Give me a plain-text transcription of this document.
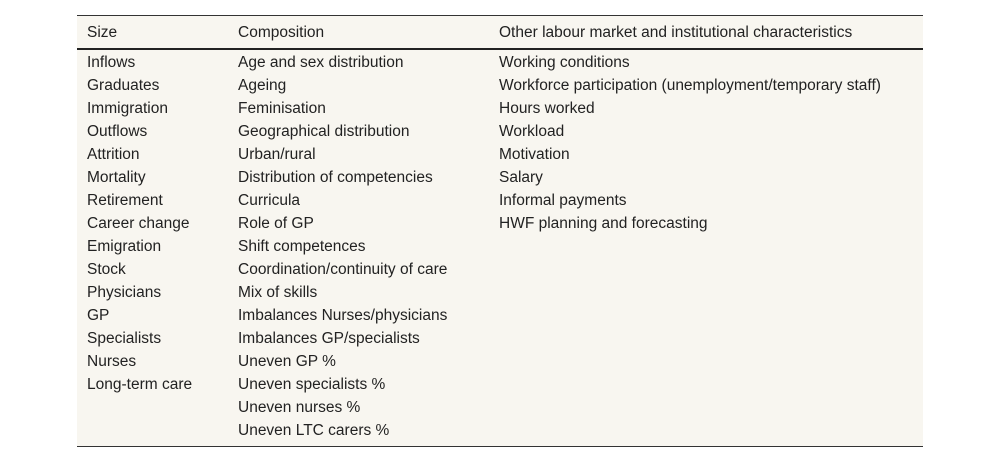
Size	Composition	Other labour market and institutional characteristics
Inflows
Graduates
Immigration
Outflows
Attrition
Mortality
Retirement
Career change
Emigration
Stock
Physicians
GP
Specialists
Nurses
Long-term care
Age and sex distribution
Ageing
Feminisation
Geographical distribution
Urban/rural
Distribution of competencies
Curricula
Role of GP
Shift competences
Coordination/continuity of care
Mix of skills
Imbalances Nurses/physicians
Imbalances GP/specialists
Uneven GP %
Uneven specialists %
Uneven nurses %
Uneven LTC carers %
Working conditions
Workforce participation (unemployment/temporary staff)
Hours worked
Workload
Motivation
Salary
Informal payments
HWF planning and forecasting
